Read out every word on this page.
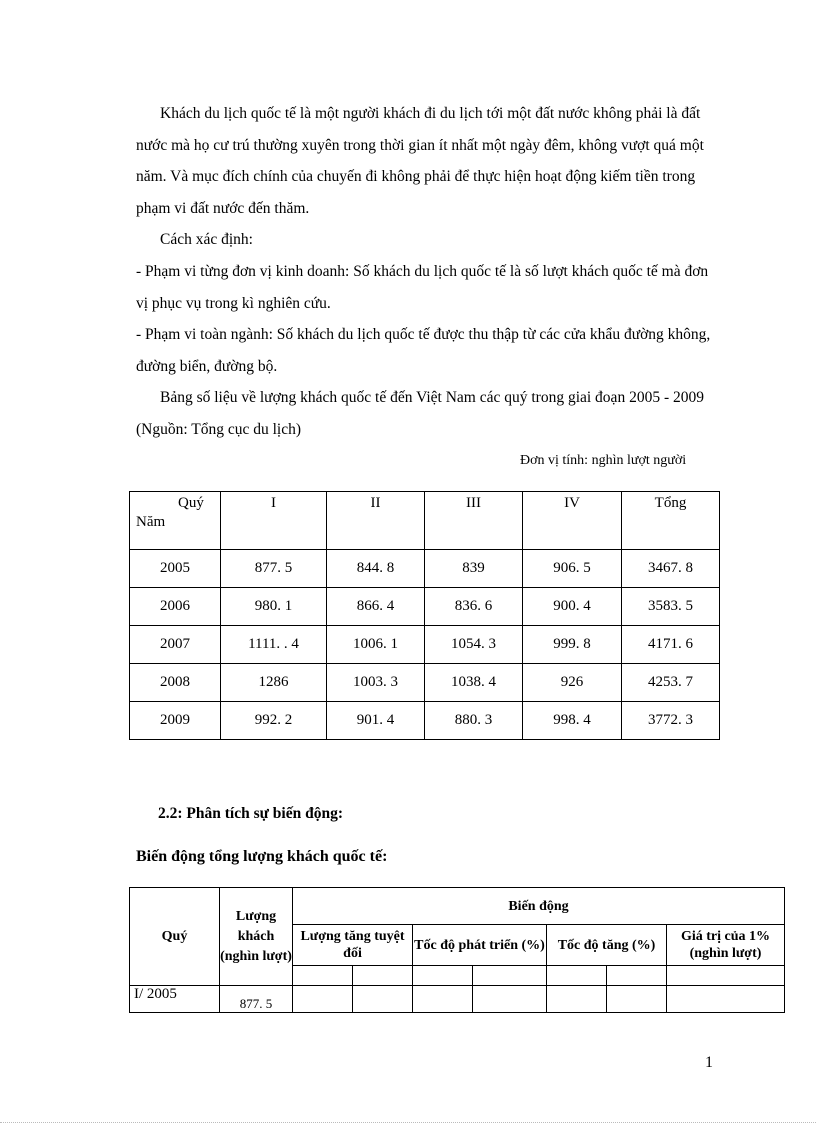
Khách du lịch quốc tế là một người khách đi du lịch tới một đất nước không phải là đất nước mà họ cư trú thường xuyên trong thời gian ít nhất một ngày đêm, không vượt quá một năm. Và mục đích chính của chuyến đi không phải để thực hiện hoạt động kiếm tiền trong phạm vi đất nước đến thăm.

Cách xác định:

- Phạm vi từng đơn vị kinh doanh: Số khách du lịch quốc tế là số lượt khách quốc tế mà đơn vị phục vụ trong kì nghiên cứu.

- Phạm vi toàn ngành: Số khách du lịch quốc tế được thu thập từ các cửa khẩu đường không, đường biển, đường bộ.

Bảng số liệu về lượng khách quốc tế đến Việt Nam các quý trong giai đoạn 2005 - 2009 (Nguồn: Tổng cục du lịch)

Đơn vị tính: nghìn lượt người
Quý
Năm	I	II	III	IV	Tổng
2005	877. 5	844. 8	839	906. 5	3467. 8
2006	980. 1	866. 4	836. 6	900. 4	3583. 5
2007	1111. . 4	1006. 1	1054. 3	999. 8	4171. 6
2008	1286	1003. 3	1038. 4	926	4253. 7
2009	992. 2	901. 4	880. 3	998. 4	3772. 3
2.2: Phân tích sự biến động:
Biến động tổng lượng khách quốc tế:
Quý	Lượng khách (nghìn lượt)	Biến động						
		Lượng tăng tuyệt đối		Tốc độ phát triển (%)		Tốc độ tăng (%)		Giá trị của 1% (nghìn lượt)

I/ 2005	877. 5							
1
